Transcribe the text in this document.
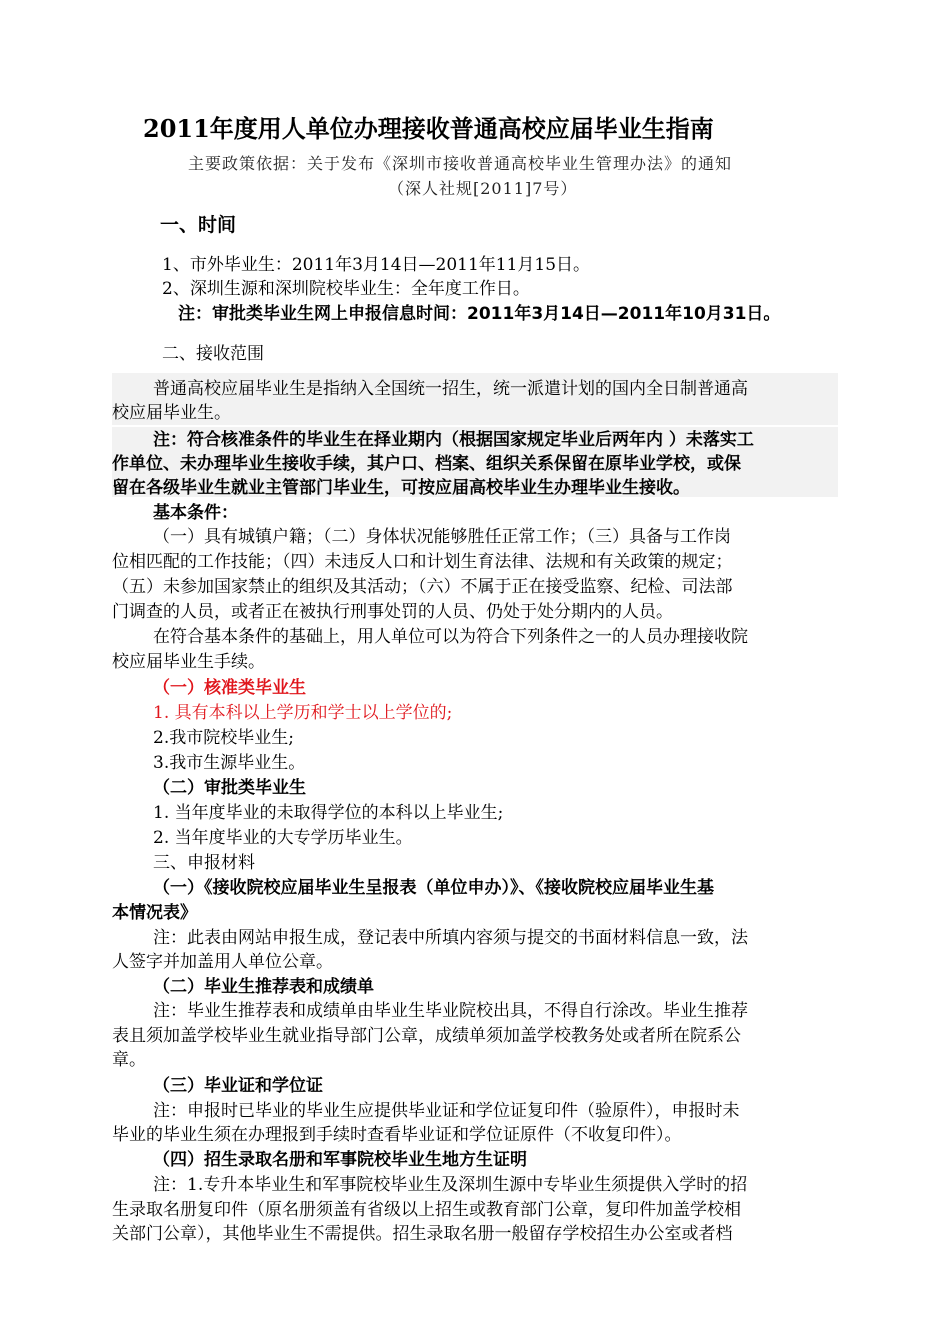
2011年度用人单位办理接收普通高校应届毕业生指南
主要政策依据：关于发布《深圳市接收普通高校毕业生管理办法》的通知
（深人社规[2011]7号）
一、时间
1、市外毕业生：2011年3月14日—2011年11月15日。
2、深圳生源和深圳院校毕业生：全年度工作日。
注：审批类毕业生网上申报信息时间：2011年3月14日—2011年10月31日。
二、接收范围
普通高校应届毕业生是指纳入全国统一招生，统一派遣计划的国内全日制普通高
校应届毕业生。
注：符合核准条件的毕业生在择业期内（根据国家规定毕业后两年内 ）未落实工
作单位、未办理毕业生接收手续，其户口、档案、组织关系保留在原毕业学校，或保
留在各级毕业生就业主管部门毕业生，可按应届高校毕业生办理毕业生接收。
基本条件：
（一）具有城镇户籍；（二）身体状况能够胜任正常工作；（三）具备与工作岗
位相匹配的工作技能；（四）未违反人口和计划生育法律、法规和有关政策的规定；
（五）未参加国家禁止的组织及其活动；（六）不属于正在接受监察、纪检、司法部
门调查的人员，或者正在被执行刑事处罚的人员、仍处于处分期内的人员。
在符合基本条件的基础上，用人单位可以为符合下列条件之一的人员办理接收院
校应届毕业生手续。
（一）核准类毕业生
1. 具有本科以上学历和学士以上学位的;
2.我市院校毕业生;
3.我市生源毕业生。
（二）审批类毕业生
1. 当年度毕业的未取得学位的本科以上毕业生;
2. 当年度毕业的大专学历毕业生。
三、申报材料
（一）《接收院校应届毕业生呈报表（单位申办）》、《接收院校应届毕业生基
本情况表》
注：此表由网站申报生成，登记表中所填内容须与提交的书面材料信息一致，法
人签字并加盖用人单位公章。
（二）毕业生推荐表和成绩单
注：毕业生推荐表和成绩单由毕业生毕业院校出具，不得自行涂改。毕业生推荐
表且须加盖学校毕业生就业指导部门公章，成绩单须加盖学校教务处或者所在院系公
章。
（三）毕业证和学位证
注：申报时已毕业的毕业生应提供毕业证和学位证复印件（验原件），申报时未
毕业的毕业生须在办理报到手续时查看毕业证和学位证原件（不收复印件）。
（四）招生录取名册和军事院校毕业生地方生证明
注：1.专升本毕业生和军事院校毕业生及深圳生源中专毕业生须提供入学时的招
生录取名册复印件（原名册须盖有省级以上招生或教育部门公章，复印件加盖学校相
关部门公章），其他毕业生不需提供。招生录取名册一般留存学校招生办公室或者档
